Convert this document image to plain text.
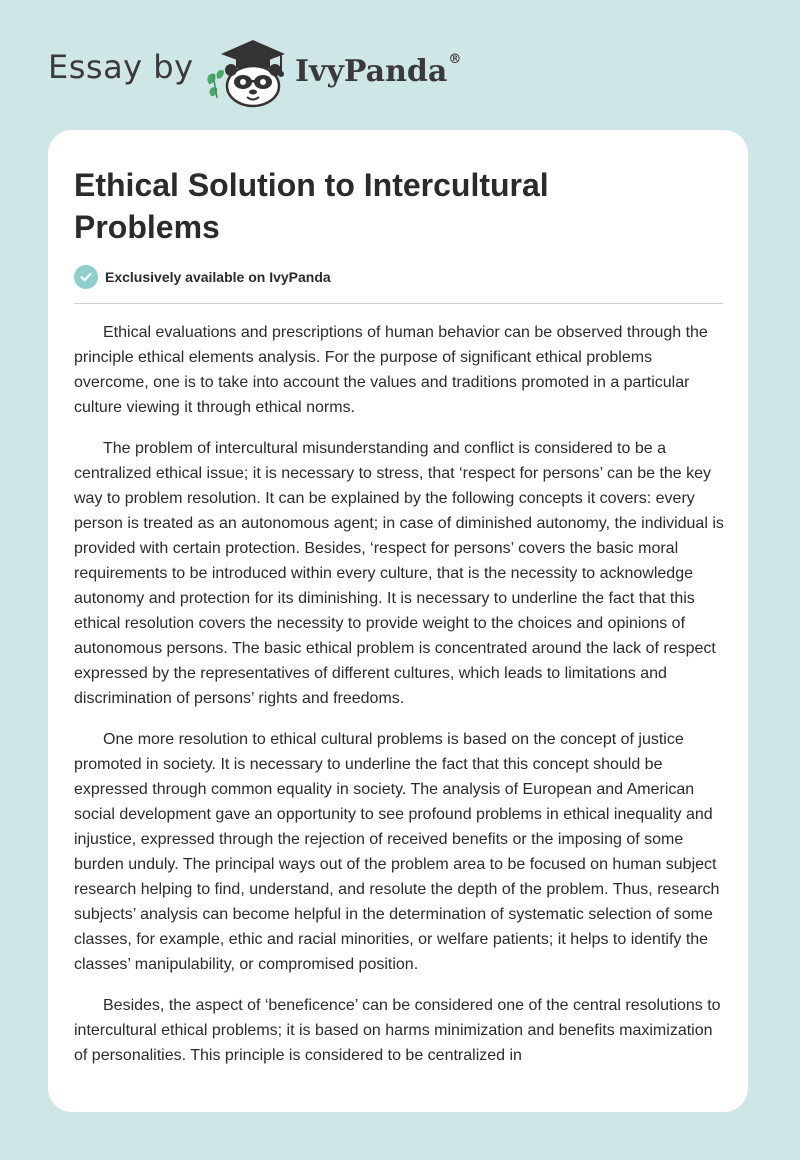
Essay by	IvyPanda®
Ethical Solution to Intercultural Problems
Exclusively available on IvyPanda

Ethical evaluations and prescriptions of human behavior can be observed through the principle ethical elements analysis. For the purpose of significant ethical problems overcome, one is to take into account the values and traditions promoted in a particular culture viewing it through ethical norms.

The problem of intercultural misunderstanding and conflict is considered to be a centralized ethical issue; it is necessary to stress, that ‘respect for persons’ can be the key way to problem resolution. It can be explained by the following concepts it covers: every person is treated as an autonomous agent; in case of diminished autonomy, the individual is provided with certain protection. Besides, ‘respect for persons’ covers the basic moral requirements to be introduced within every culture, that is the necessity to acknowledge autonomy and protection for its diminishing. It is necessary to underline the fact that this ethical resolution covers the necessity to provide weight to the choices and opinions of autonomous persons. The basic ethical problem is concentrated around the lack of respect expressed by the representatives of different cultures, which leads to limitations and discrimination of persons’ rights and freedoms.

One more resolution to ethical cultural problems is based on the concept of justice promoted in society. It is necessary to underline the fact that this concept should be expressed through common equality in society. The analysis of European and American social development gave an opportunity to see profound problems in ethical inequality and injustice, expressed through the rejection of received benefits or the imposing of some burden unduly. The principal ways out of the problem area to be focused on human subject research helping to find, understand, and resolute the depth of the problem. Thus, research subjects’ analysis can become helpful in the determination of systematic selection of some classes, for example, ethic and racial minorities, or welfare patients; it helps to identify the classes’ manipulability, or compromised position.

Besides, the aspect of ‘beneficence’ can be considered one of the central resolutions to intercultural ethical problems; it is based on harms minimization and benefits maximization of personalities. This principle is considered to be centralized in
